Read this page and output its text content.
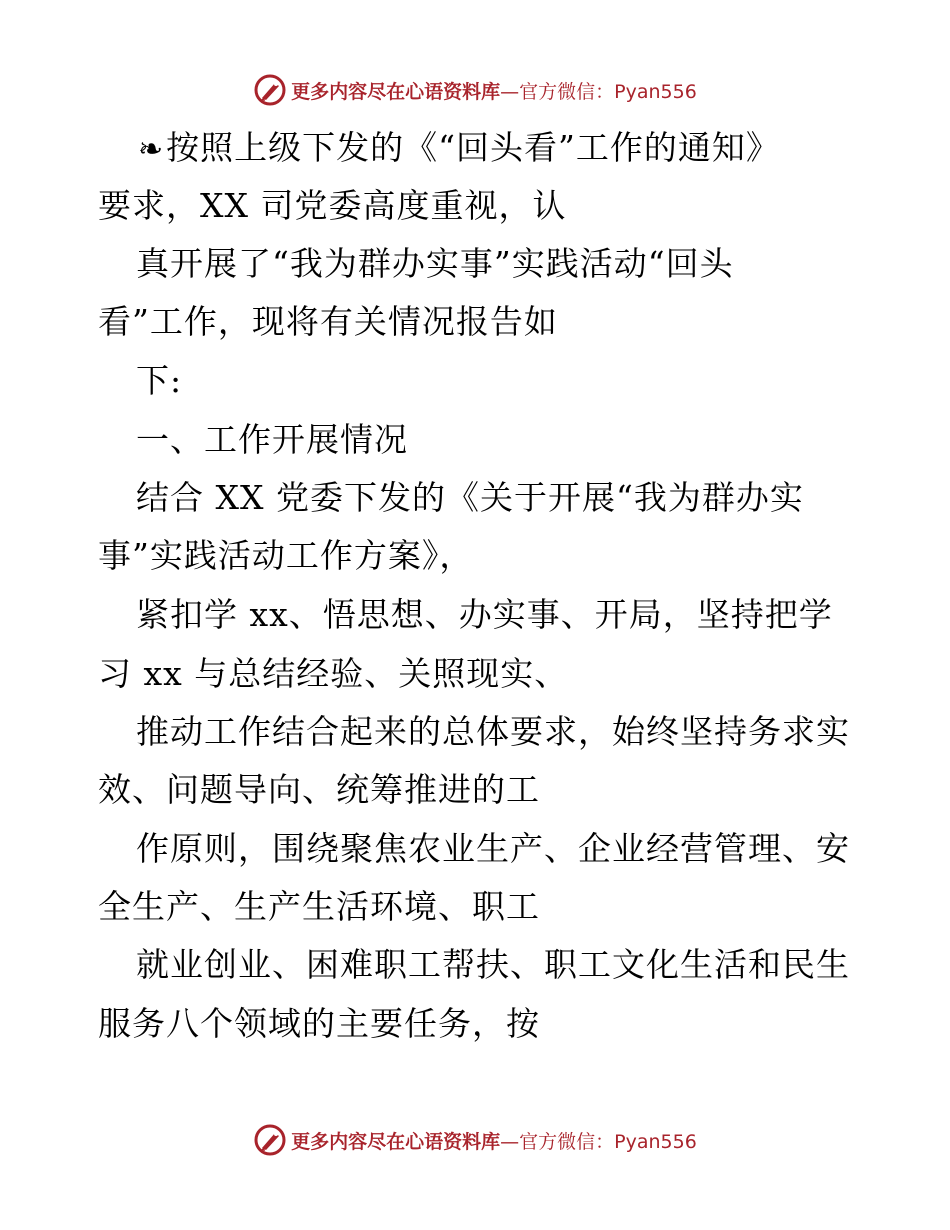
更多内容尽在心语资料库 —官方微信：Pyan556
❧按照上级下发的《“回头看”工作的通知》
要求，XX 司党委高度重视，认
真开展了“我为群办实事”实践活动“回头
看”工作，现将有关情况报告如
下:
一、工作开展情况
结合 XX 党委下发的《关于开展“我为群办实
事”实践活动工作方案》，
紧扣学 xx、悟思想、办实事、开局，坚持把学
习 xx 与总结经验、关照现实、
推动工作结合起来的总体要求，始终坚持务求实
效、问题导向、统筹推进的工
作原则，围绕聚焦农业生产、企业经营管理、安
全生产、生产生活环境、职工
就业创业、困难职工帮扶、职工文化生活和民生
服务八个领域的主要任务，按
更多内容尽在心语资料库 —官方微信：Pyan556
